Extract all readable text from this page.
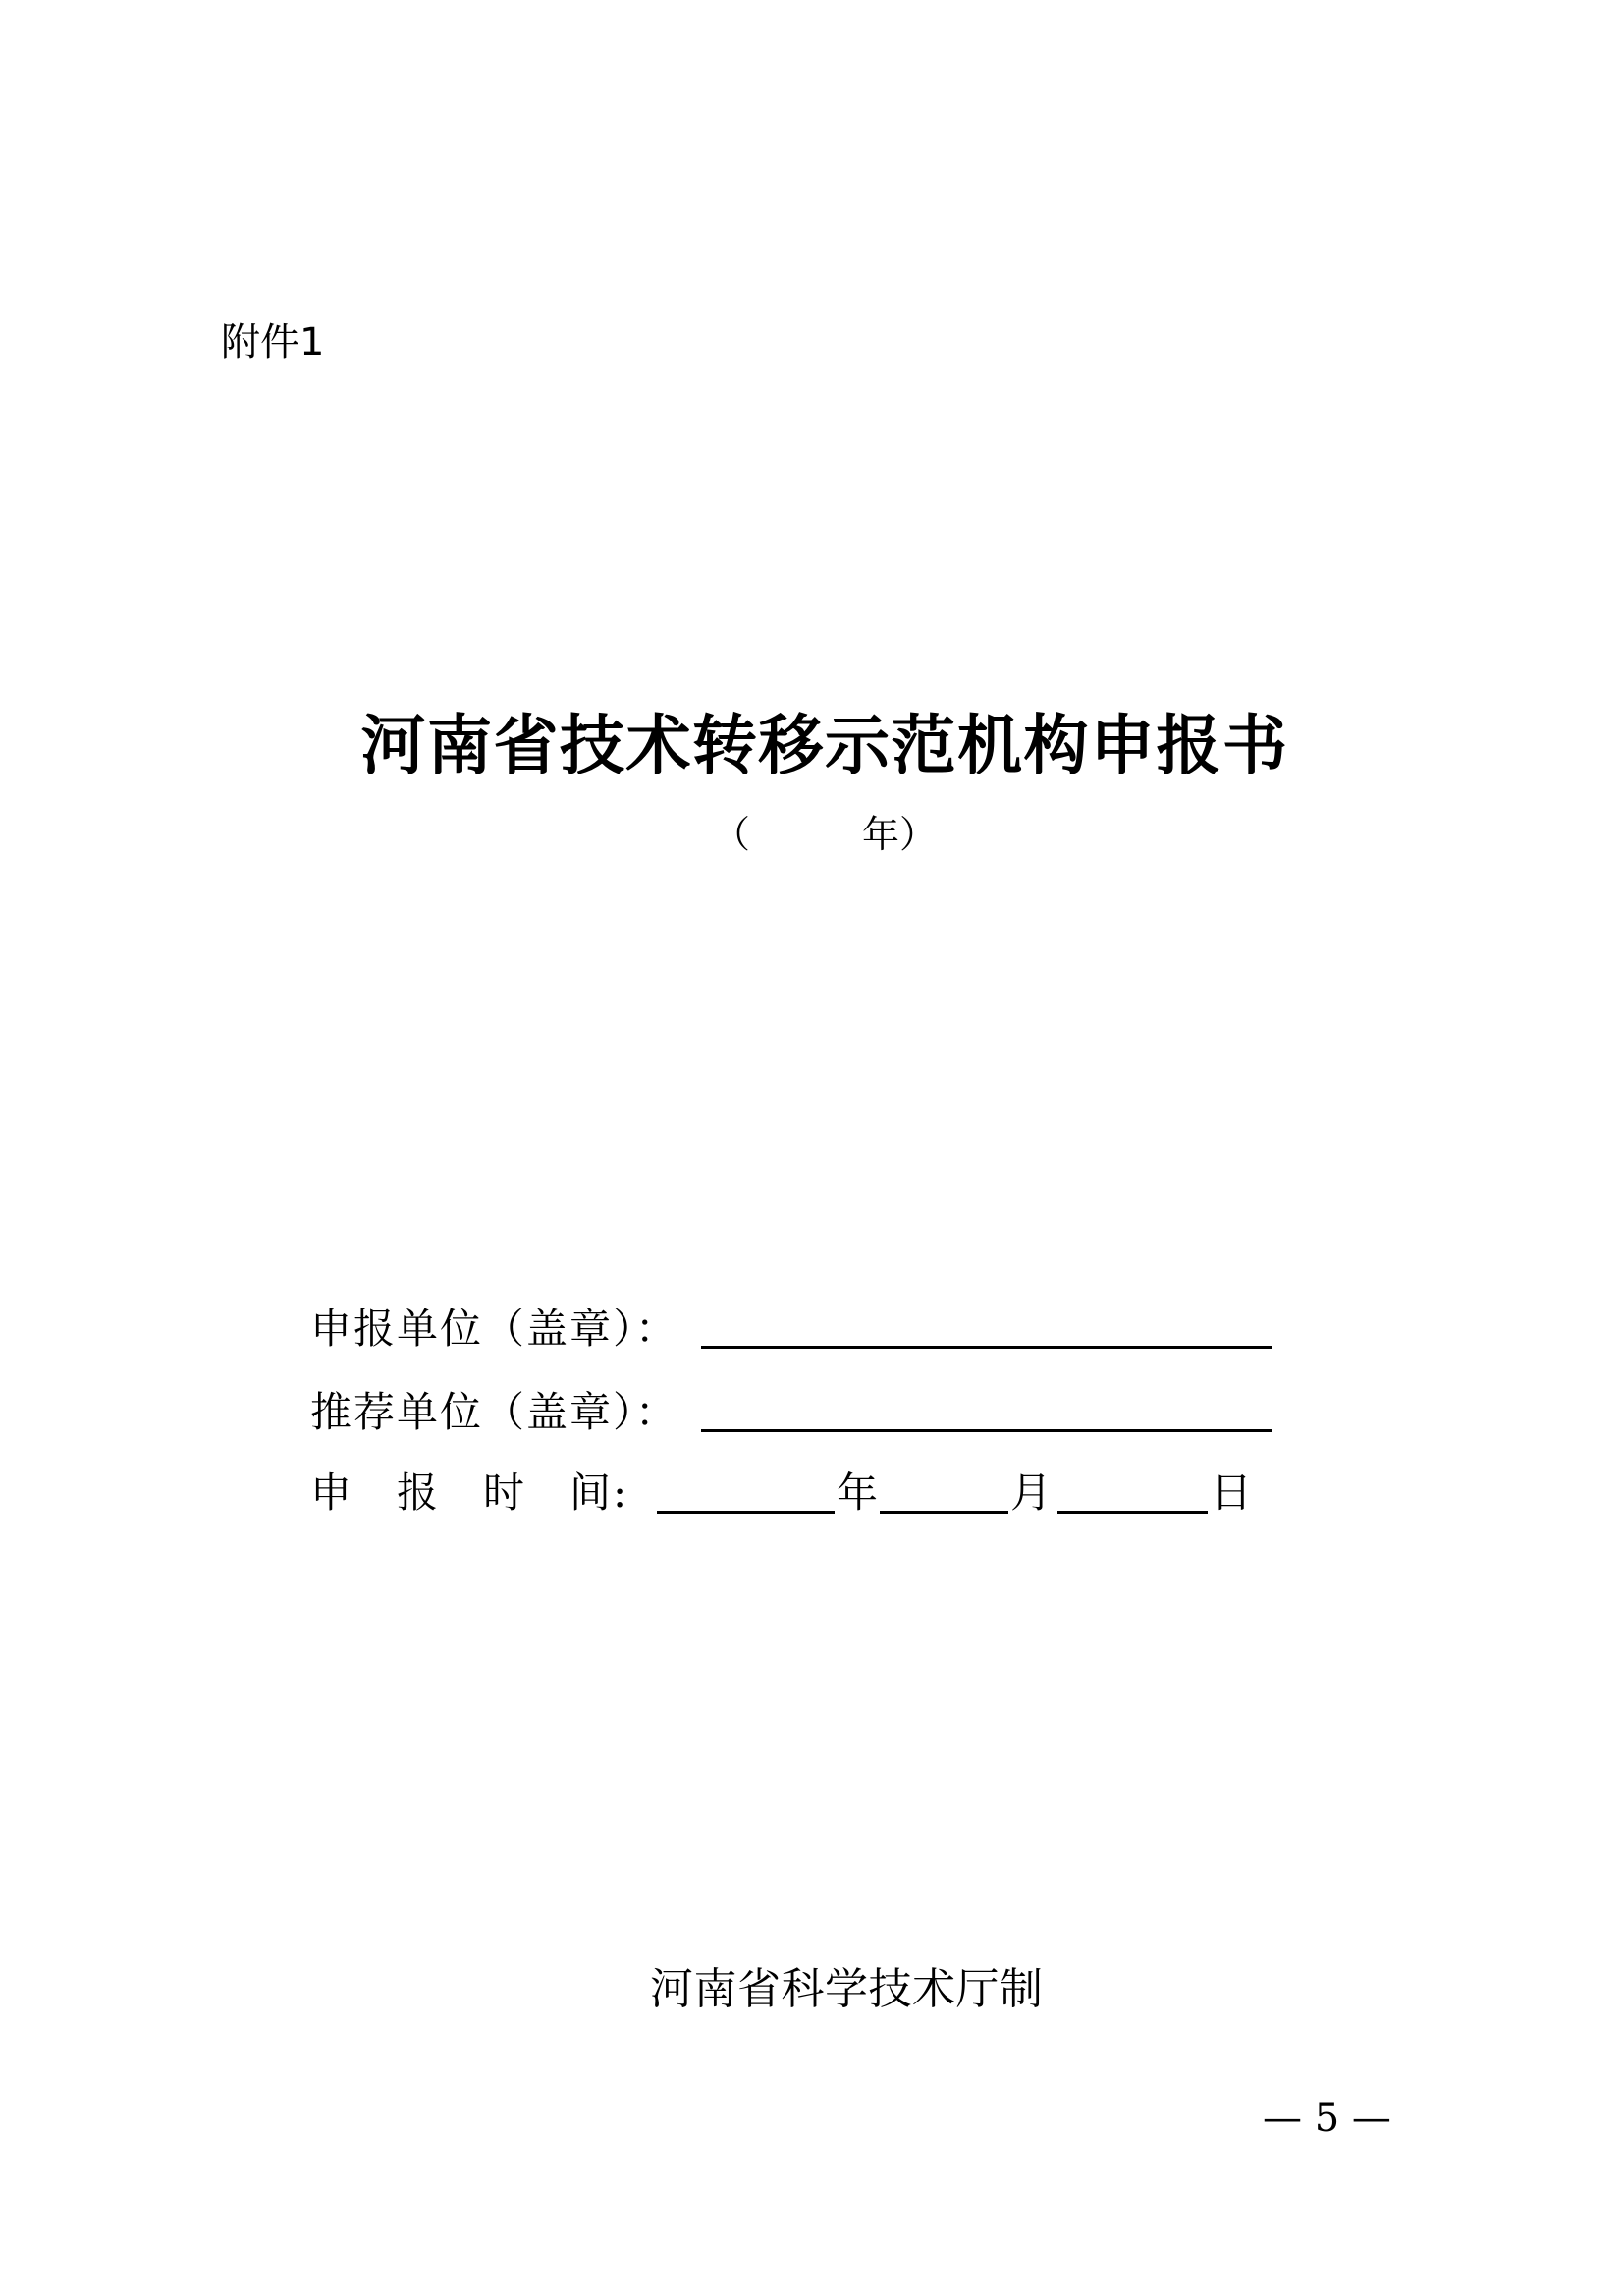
附件1
河南省技术转移示范机构申报书
（　　　年）
申报单位（盖章）：
推荐单位（盖章）：
申　报　时　间:	年	月	日
河南省科学技术厅制
— 5 —
